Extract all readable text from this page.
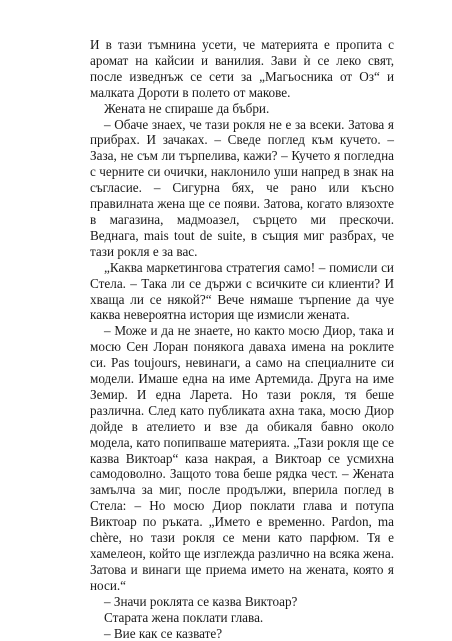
И в тази тъмнина усети, че материята е пропита с аромат на кайсии и ванилия. Зави ѝ се леко свят, после изведнъж се сети за „Магьосника от Оз“ и малката Дороти в полето от макове.

Жената не спираше да бъбри.

– Обаче знаех, че тази рокля не е за всеки. Затова я прибрах. И зачаках. – Сведе поглед към кучето. – Заза, не съм ли търпелива, кажи? – Кучето я погледна с черните си очички, наклонило уши напред в знак на съгласие. – Сигурна бях, че рано или късно правилната жена ще се появи. Затова, когато влязохте в магазина, мадмоазел, сърцето ми прескочи. Веднага, mais tout de suite, в същия миг разбрах, че тази рокля е за вас.

„Каква маркетингова стратегия само! – помисли си Стела. – Така ли се държи с всичките си клиенти? И хваща ли се някой?“ Вече нямаше търпение да чуе каква невероятна история ще измисли жената.

– Може и да не знаете, но както мосю Диор, така и мосю Сен Лоран понякога даваха имена на роклите си. Pas toujours, невинаги, а само на специалните си модели. Имаше една на име Артемида. Друга на име Земир. И една Ларета. Но тази рокля, тя беше различна. След като публиката ахна така, мосю Диор дойде в ателието и взе да обикаля бавно около модела, като попипваше материята. „Тази рокля ще се казва Виктоар“ каза накрая, а Виктоар се усмихна самодоволно. Защото това беше рядка чест. – Жената замълча за миг, после продължи, вперила поглед в Стела: – Но мосю Диор поклати глава и потупа Виктоар по ръката. „Името е временно. Pardon, ma chère, но тази рокля се мени като парфюм. Тя е хамелеон, който ще изглежда различно на всяка жена. Затова и винаги ще приема името на жената, която я носи.“

– Значи роклята се казва Виктоар?

Старата жена поклати глава.

– Вие как се казвате?
